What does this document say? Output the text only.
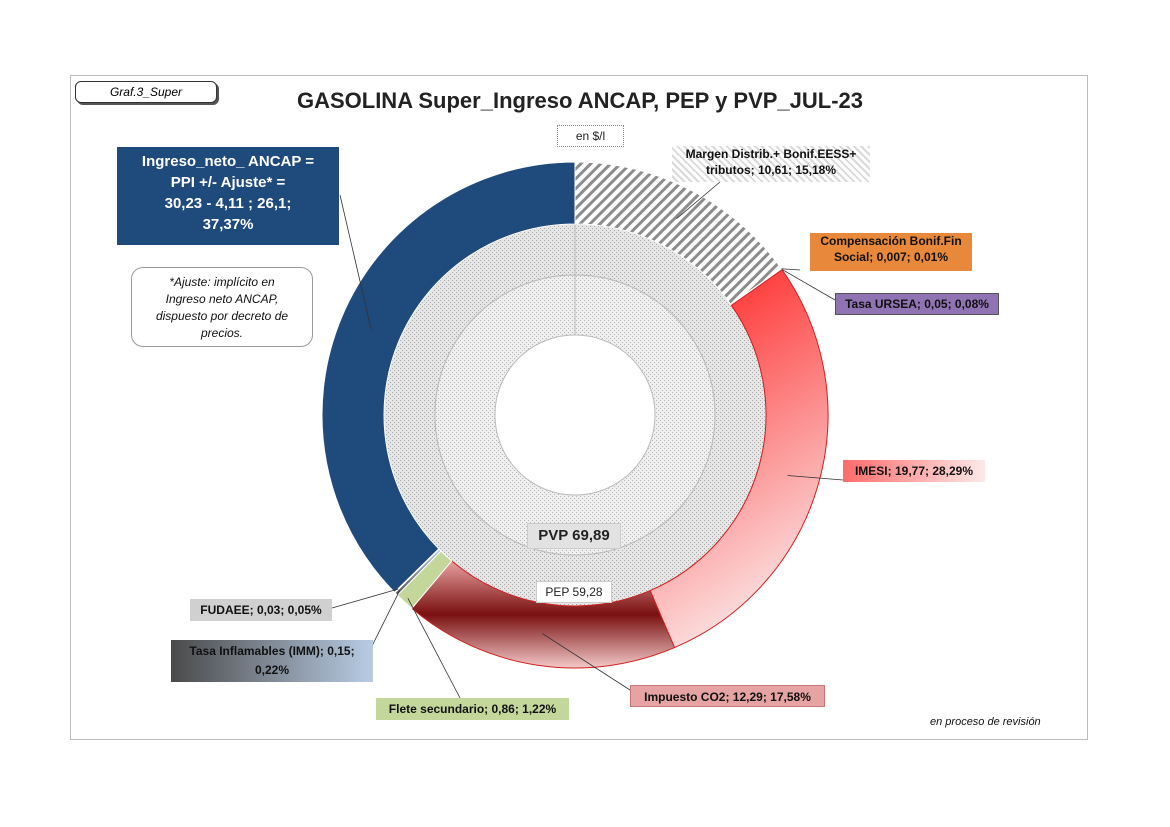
Graf.3_Super	GASOLINA Super_Ingreso ANCAP, PEP y PVP_JUL-23
en $/l
Ingreso_neto_ ANCAP =
PPI +/- Ajuste* =
30,23 - 4,11 ; 26,1;
37,37%
*Ajuste: implícito en
Ingreso neto ANCAP,
dispuesto por decreto de
precios.
Margen Distrib.+ Bonif.EESS+ tributos; 10,61; 15,18%
Compensación Bonif.Fin Social; 0,007; 0,01%
Tasa URSEA; 0,05; 0,08%
IMESI; 19,77; 28,29%
Impuesto CO2; 12,29; 17,58%
Flete secundario; 0,86; 1,22%
Tasa Inflamables (IMM); 0,15; 0,22%
FUDAEE; 0,03; 0,05%
PVP 69,89
PEP 59,28
en proceso de revisión
